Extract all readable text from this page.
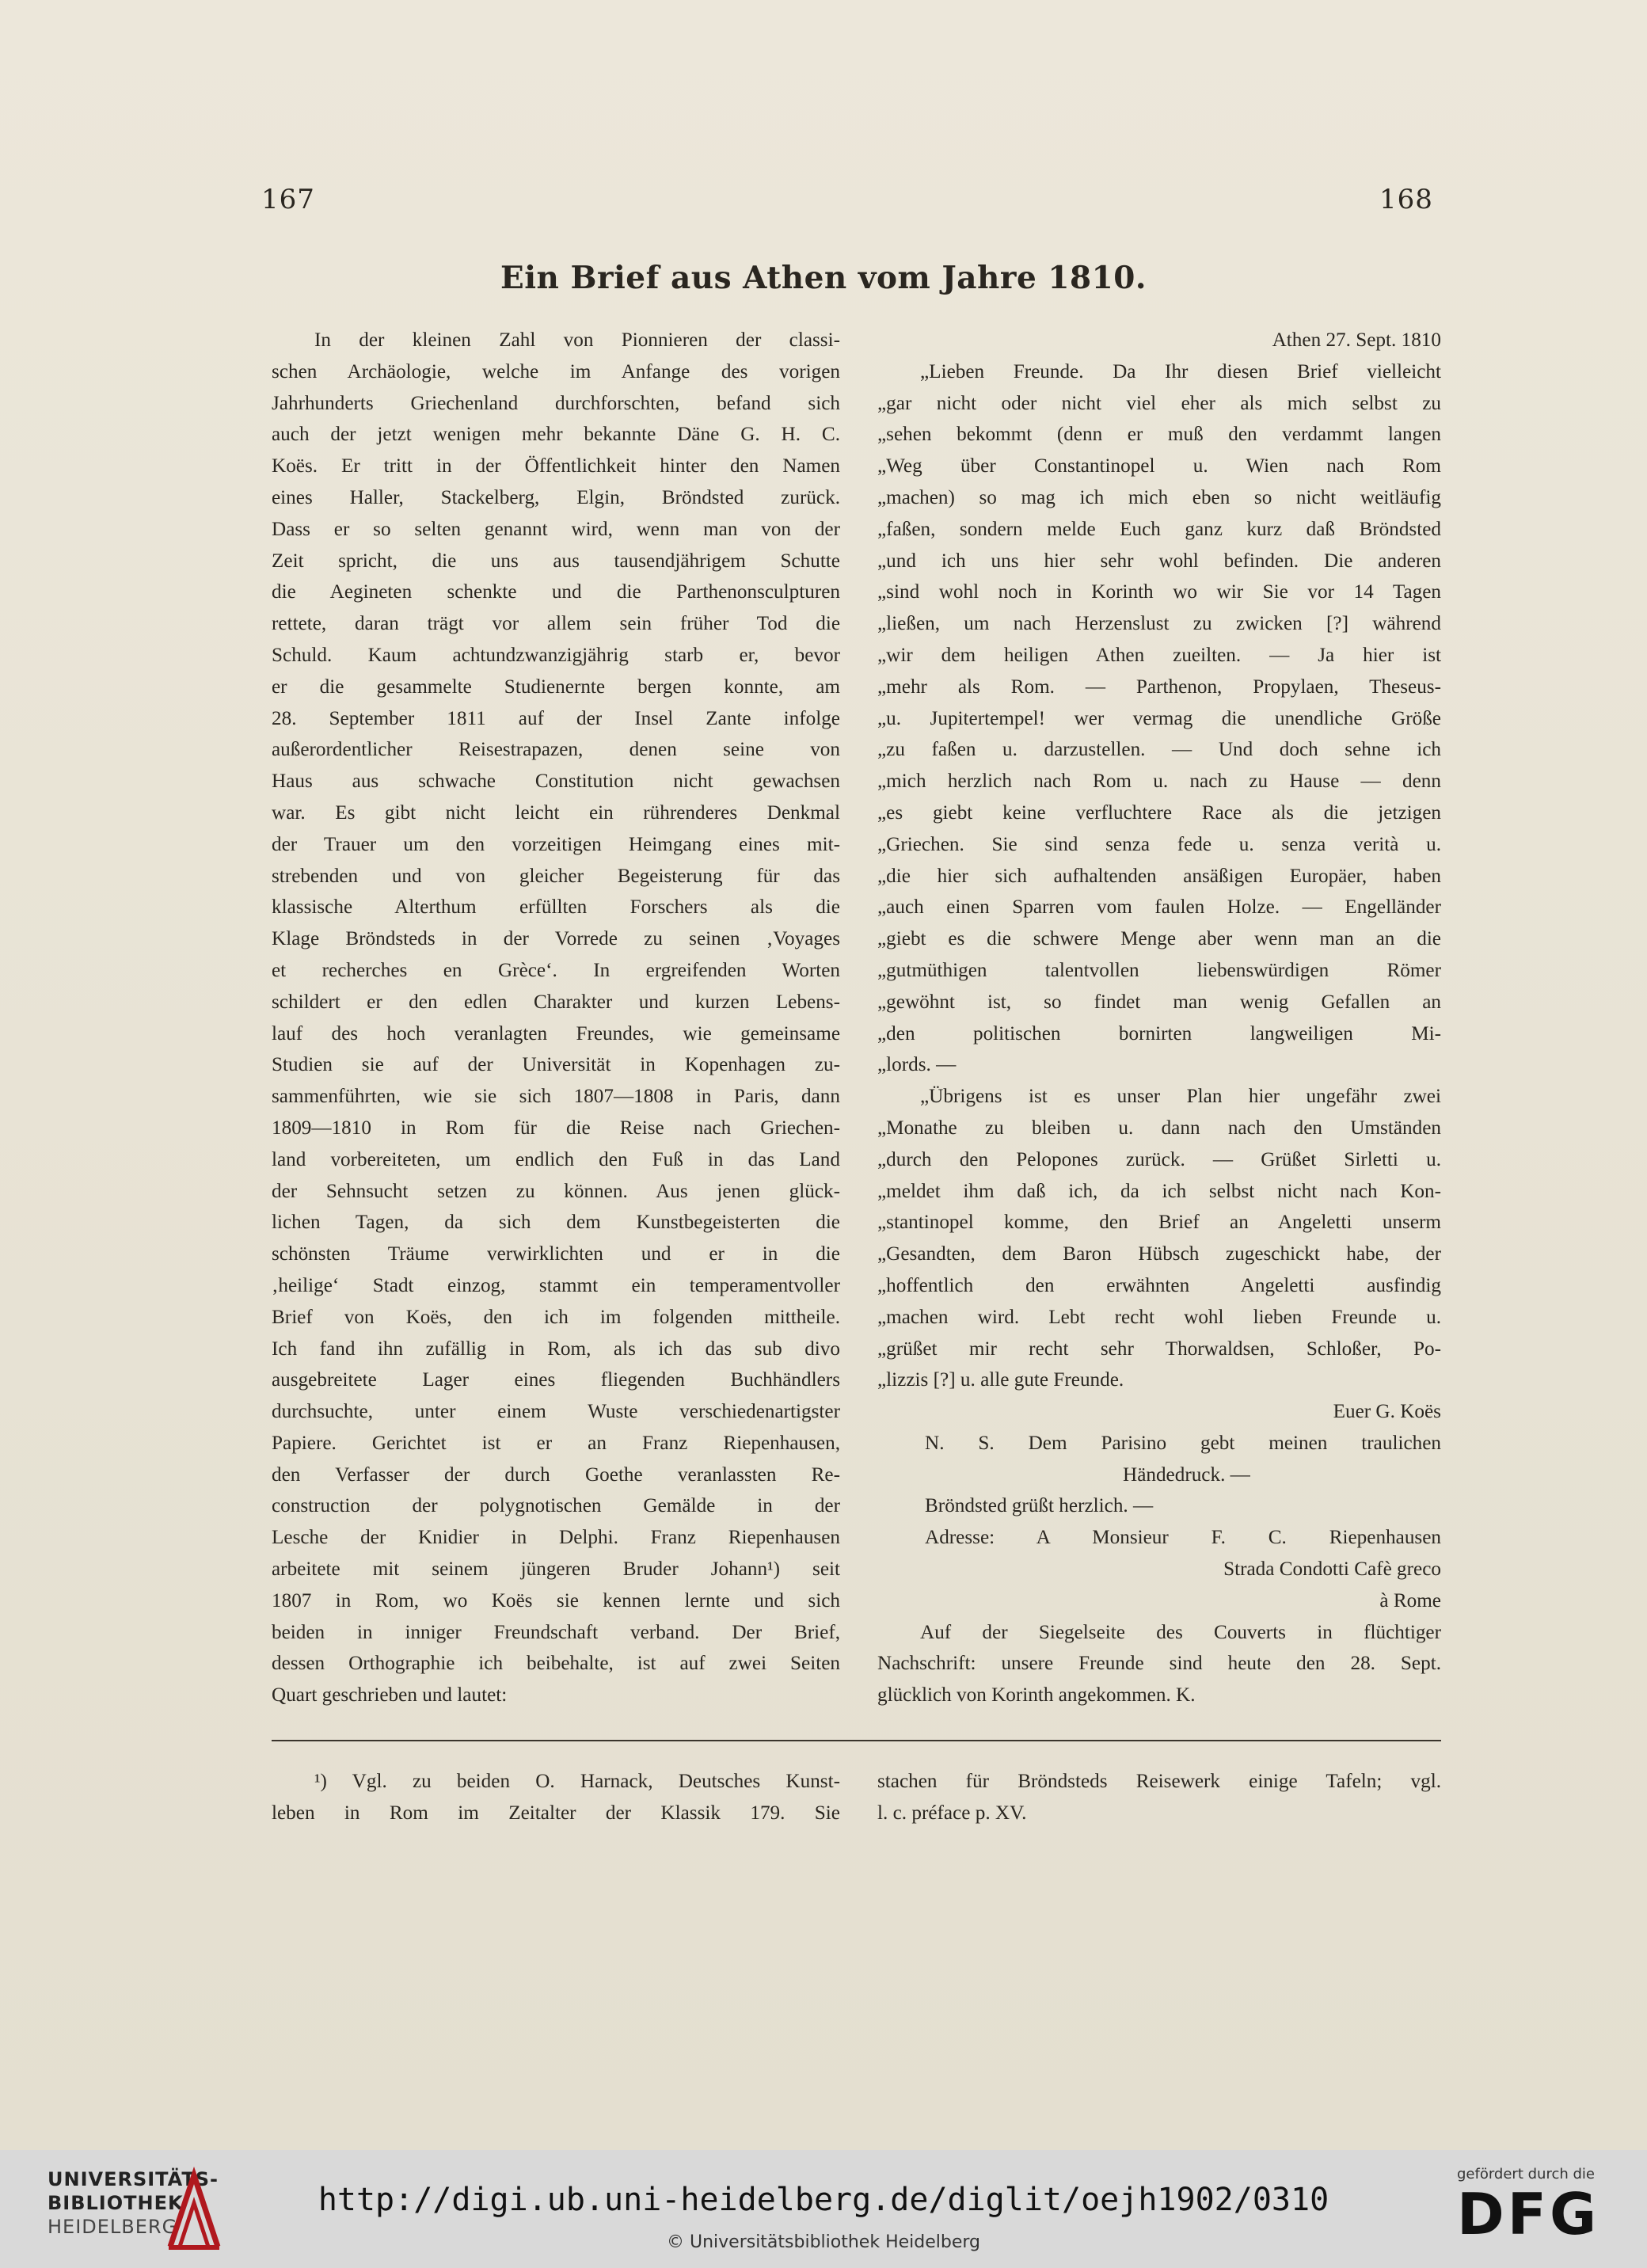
167	168
Ein Brief aus Athen vom Jahre 1810.
In der kleinen Zahl von Pionnieren der classi-
schen Archäologie, welche im Anfange des vorigen
Jahrhunderts Griechenland durchforschten, befand sich
auch der jetzt wenigen mehr bekannte Däne G. H. C.
Koës. Er tritt in der Öffentlichkeit hinter den Namen
eines Haller, Stackelberg, Elgin, Bröndsted zurück.
Dass er so selten genannt wird, wenn man von der
Zeit spricht, die uns aus tausendjährigem Schutte
die Aegineten schenkte und die Parthenonsculpturen
rettete, daran trägt vor allem sein früher Tod die
Schuld. Kaum achtundzwanzigjährig starb er, bevor
er die gesammelte Studienernte bergen konnte, am
28. September 1811 auf der Insel Zante infolge
außerordentlicher Reisestrapazen, denen seine von
Haus aus schwache Constitution nicht gewachsen
war. Es gibt nicht leicht ein rührenderes Denkmal
der Trauer um den vorzeitigen Heimgang eines mit-
strebenden und von gleicher Begeisterung für das
klassische Alterthum erfüllten Forschers als die
Klage Bröndsteds in der Vorrede zu seinen ‚Voyages
et recherches en Grèce‘. In ergreifenden Worten
schildert er den edlen Charakter und kurzen Lebens-
lauf des hoch veranlagten Freundes, wie gemeinsame
Studien sie auf der Universität in Kopenhagen zu-
sammenführten, wie sie sich 1807—1808 in Paris, dann
1809—1810 in Rom für die Reise nach Griechen-
land vorbereiteten, um endlich den Fuß in das Land
der Sehnsucht setzen zu können. Aus jenen glück-
lichen Tagen, da sich dem Kunstbegeisterten die
schönsten Träume verwirklichten und er in die
‚heilige‘ Stadt einzog, stammt ein temperamentvoller
Brief von Koës, den ich im folgenden mittheile.
Ich fand ihn zufällig in Rom, als ich das sub divo
ausgebreitete Lager eines fliegenden Buchhändlers
durchsuchte, unter einem Wuste verschiedenartigster
Papiere. Gerichtet ist er an Franz Riepenhausen,
den Verfasser der durch Goethe veranlassten Re-
construction der polygnotischen Gemälde in der
Lesche der Knidier in Delphi. Franz Riepenhausen
arbeitete mit seinem jüngeren Bruder Johann¹) seit
1807 in Rom, wo Koës sie kennen lernte und sich
beiden in inniger Freundschaft verband. Der Brief,
dessen Orthographie ich beibehalte, ist auf zwei Seiten
Quart geschrieben und lautet:
Athen 27. Sept. 1810
„Lieben Freunde. Da Ihr diesen Brief vielleicht
„gar nicht oder nicht viel eher als mich selbst zu
„sehen bekommt (denn er muß den verdammt langen
„Weg über Constantinopel u. Wien nach Rom
„machen) so mag ich mich eben so nicht weitläufig
„faßen, sondern melde Euch ganz kurz daß Bröndsted
„und ich uns hier sehr wohl befinden. Die anderen
„sind wohl noch in Korinth wo wir Sie vor 14 Tagen
„ließen, um nach Herzenslust zu zwicken [?] während
„wir dem heiligen Athen zueilten. — Ja hier ist
„mehr als Rom. — Parthenon, Propylaen, Theseus-
„u. Jupitertempel! wer vermag die unendliche Größe
„zu faßen u. darzustellen. — Und doch sehne ich
„mich herzlich nach Rom u. nach zu Hause — denn
„es giebt keine verfluchtere Race als die jetzigen
„Griechen. Sie sind senza fede u. senza verità u.
„die hier sich aufhaltenden ansäßigen Europäer, haben
„auch einen Sparren vom faulen Holze. — Engelländer
„giebt es die schwere Menge aber wenn man an die
„gutmüthigen talentvollen liebenswürdigen Römer
„gewöhnt ist, so findet man wenig Gefallen an
„den politischen bornirten langweiligen Mi-
„lords. —
„Übrigens ist es unser Plan hier ungefähr zwei
„Monathe zu bleiben u. dann nach den Umständen
„durch den Pelopones zurück. — Grüßet Sirletti u.
„meldet ihm daß ich, da ich selbst nicht nach Kon-
„stantinopel komme, den Brief an Angeletti unserm
„Gesandten, dem Baron Hübsch zugeschickt habe, der
„hoffentlich den erwähnten Angeletti ausfindig
„machen wird. Lebt recht wohl lieben Freunde u.
„grüßet mir recht sehr Thorwaldsen, Schloßer, Po-
„lizzis [?] u. alle gute Freunde.
Euer G. Koës
N. S. Dem Parisino gebt meinen traulichen
Händedruck. —
Bröndsted grüßt herzlich. —
Adresse: A Monsieur F. C. Riepenhausen
Strada Condotti Cafè greco
à Rome
Auf der Siegelseite des Couverts in flüchtiger
Nachschrift: unsere Freunde sind heute den 28. Sept.
glücklich von Korinth angekommen. K.
¹) Vgl. zu beiden O. Harnack, Deutsches Kunst-
leben in Rom im Zeitalter der Klassik 179. Sie
stachen für Bröndsteds Reisewerk einige Tafeln; vgl.
l. c. préface p. XV.
UNIVERSITÄTS-
BIBLIOTHEK
HEIDELBERG
http://digi.ub.uni-heidelberg.de/diglit/oejh1902/0310
© Universitätsbibliothek Heidelberg
gefördert durch die
DFG
